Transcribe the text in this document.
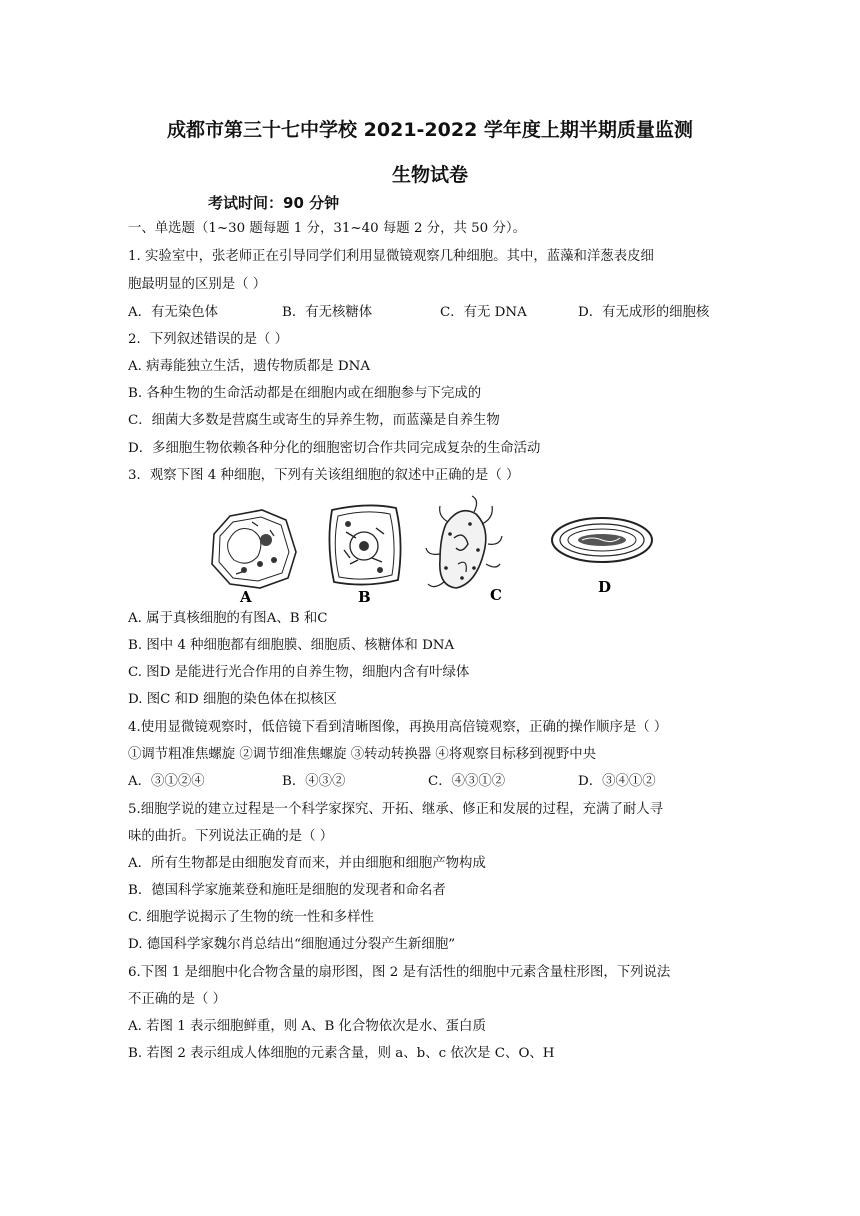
成都市第三十七中学校 2021-2022 学年度上期半期质量监测
生物试卷
考试时间：90 分钟
一、单选题（1~30 题每题 1 分，31~40 每题 2 分，共 50 分）。
1. 实验室中，张老师正在引导同学们利用显微镜观察几种细胞。其中，蓝藻和洋葱表皮细
胞最明显的区别是（ ）
A．有无染色体	B．有无核糖体	C．有无 DNA	D．有无成形的细胞核
2．下列叙述错误的是（ ）
A. 病毒能独立生活，遗传物质都是 DNA
B. 各种生物的生命活动都是在细胞内或在细胞参与下完成的
C．细菌大多数是营腐生或寄生的异养生物，而蓝藻是自养生物
D．多细胞生物依赖各种分化的细胞密切合作共同完成复杂的生命活动
3．观察下图 4 种细胞，下列有关该组细胞的叙述中正确的是（ ）
A	B	C	D
A. 属于真核细胞的有图A、B 和C
B. 图中 4 种细胞都有细胞膜、细胞质、核糖体和 DNA
C. 图D 是能进行光合作用的自养生物，细胞内含有叶绿体
D. 图C 和D 细胞的染色体在拟核区
4.使用显微镜观察时，低倍镜下看到清晰图像，再换用高倍镜观察，正确的操作顺序是（ ）
①调节粗准焦螺旋 ②调节细准焦螺旋 ③转动转换器 ④将观察目标移到视野中央
A．③①②④	B．④③②	C．④③①②	D．③④①②
5.细胞学说的建立过程是一个科学家探究、开拓、继承、修正和发展的过程，充满了耐人寻
味的曲折。下列说法正确的是（ ）
A．所有生物都是由细胞发育而来，并由细胞和细胞产物构成
B．德国科学家施莱登和施旺是细胞的发现者和命名者
C. 细胞学说揭示了生物的统一性和多样性
D. 德国科学家魏尔肖总结出“细胞通过分裂产生新细胞”
6.下图 1 是细胞中化合物含量的扇形图，图 2 是有活性的细胞中元素含量柱形图，下列说法
不正确的是（ ）
A. 若图 1 表示细胞鲜重，则 A、B 化合物依次是水、蛋白质
B. 若图 2 表示组成人体细胞的元素含量，则 a、b、c 依次是 C、O、H
